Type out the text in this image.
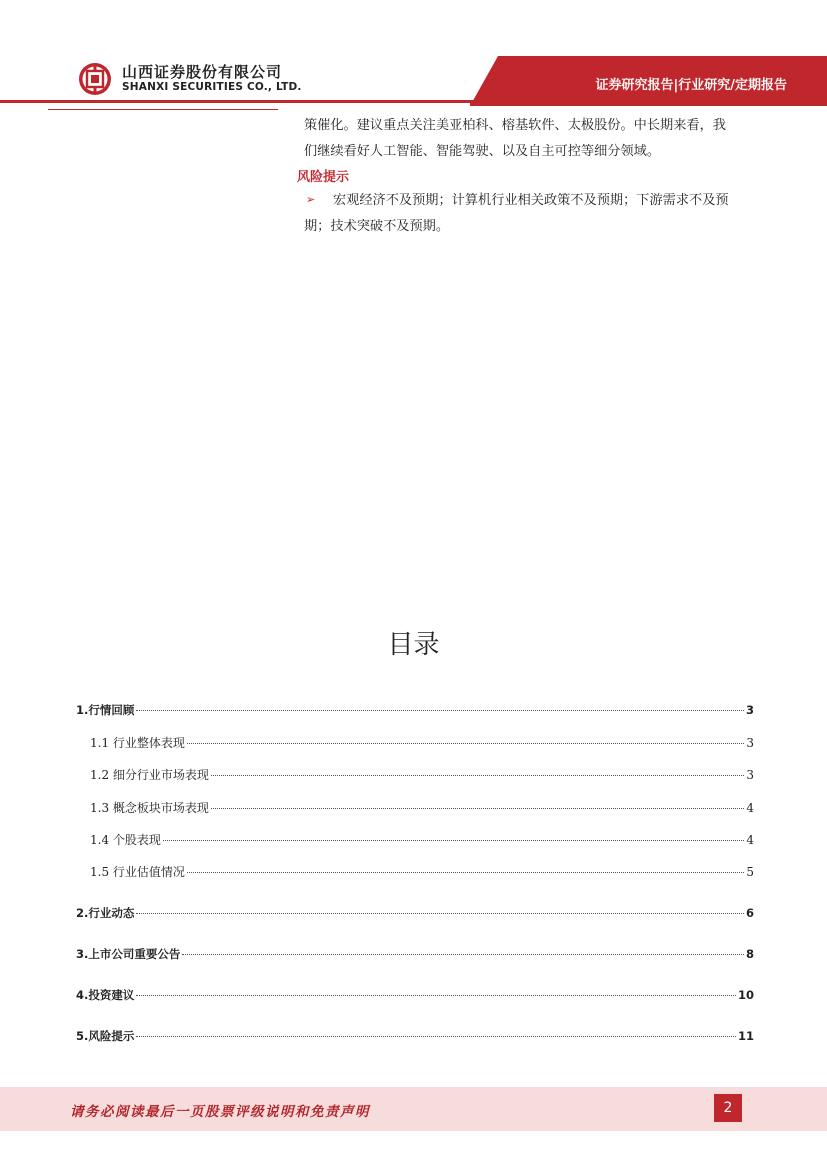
山西证券股份有限公司
SHANXI SECURITIES CO., LTD.	证券研究报告|行业研究/定期报告
策催化。建议重点关注美亚柏科、榕基软件、太极股份。中长期来看，我
们继续看好人工智能、智能驾驶、以及自主可控等细分领域。
风险提示
➢ 宏观经济不及预期；计算机行业相关政策不及预期；下游需求不及预
期；技术突破不及预期。
目录
1.行情回顾	3
1.1 行业整体表现	3
1.2 细分行业市场表现	3
1.3 概念板块市场表现	4
1.4 个股表现	4
1.5 行业估值情况	5
2.行业动态	6
3.上市公司重要公告	8
4.投资建议	10
5.风险提示	11
请务必阅读最后一页股票评级说明和免责声明	2
